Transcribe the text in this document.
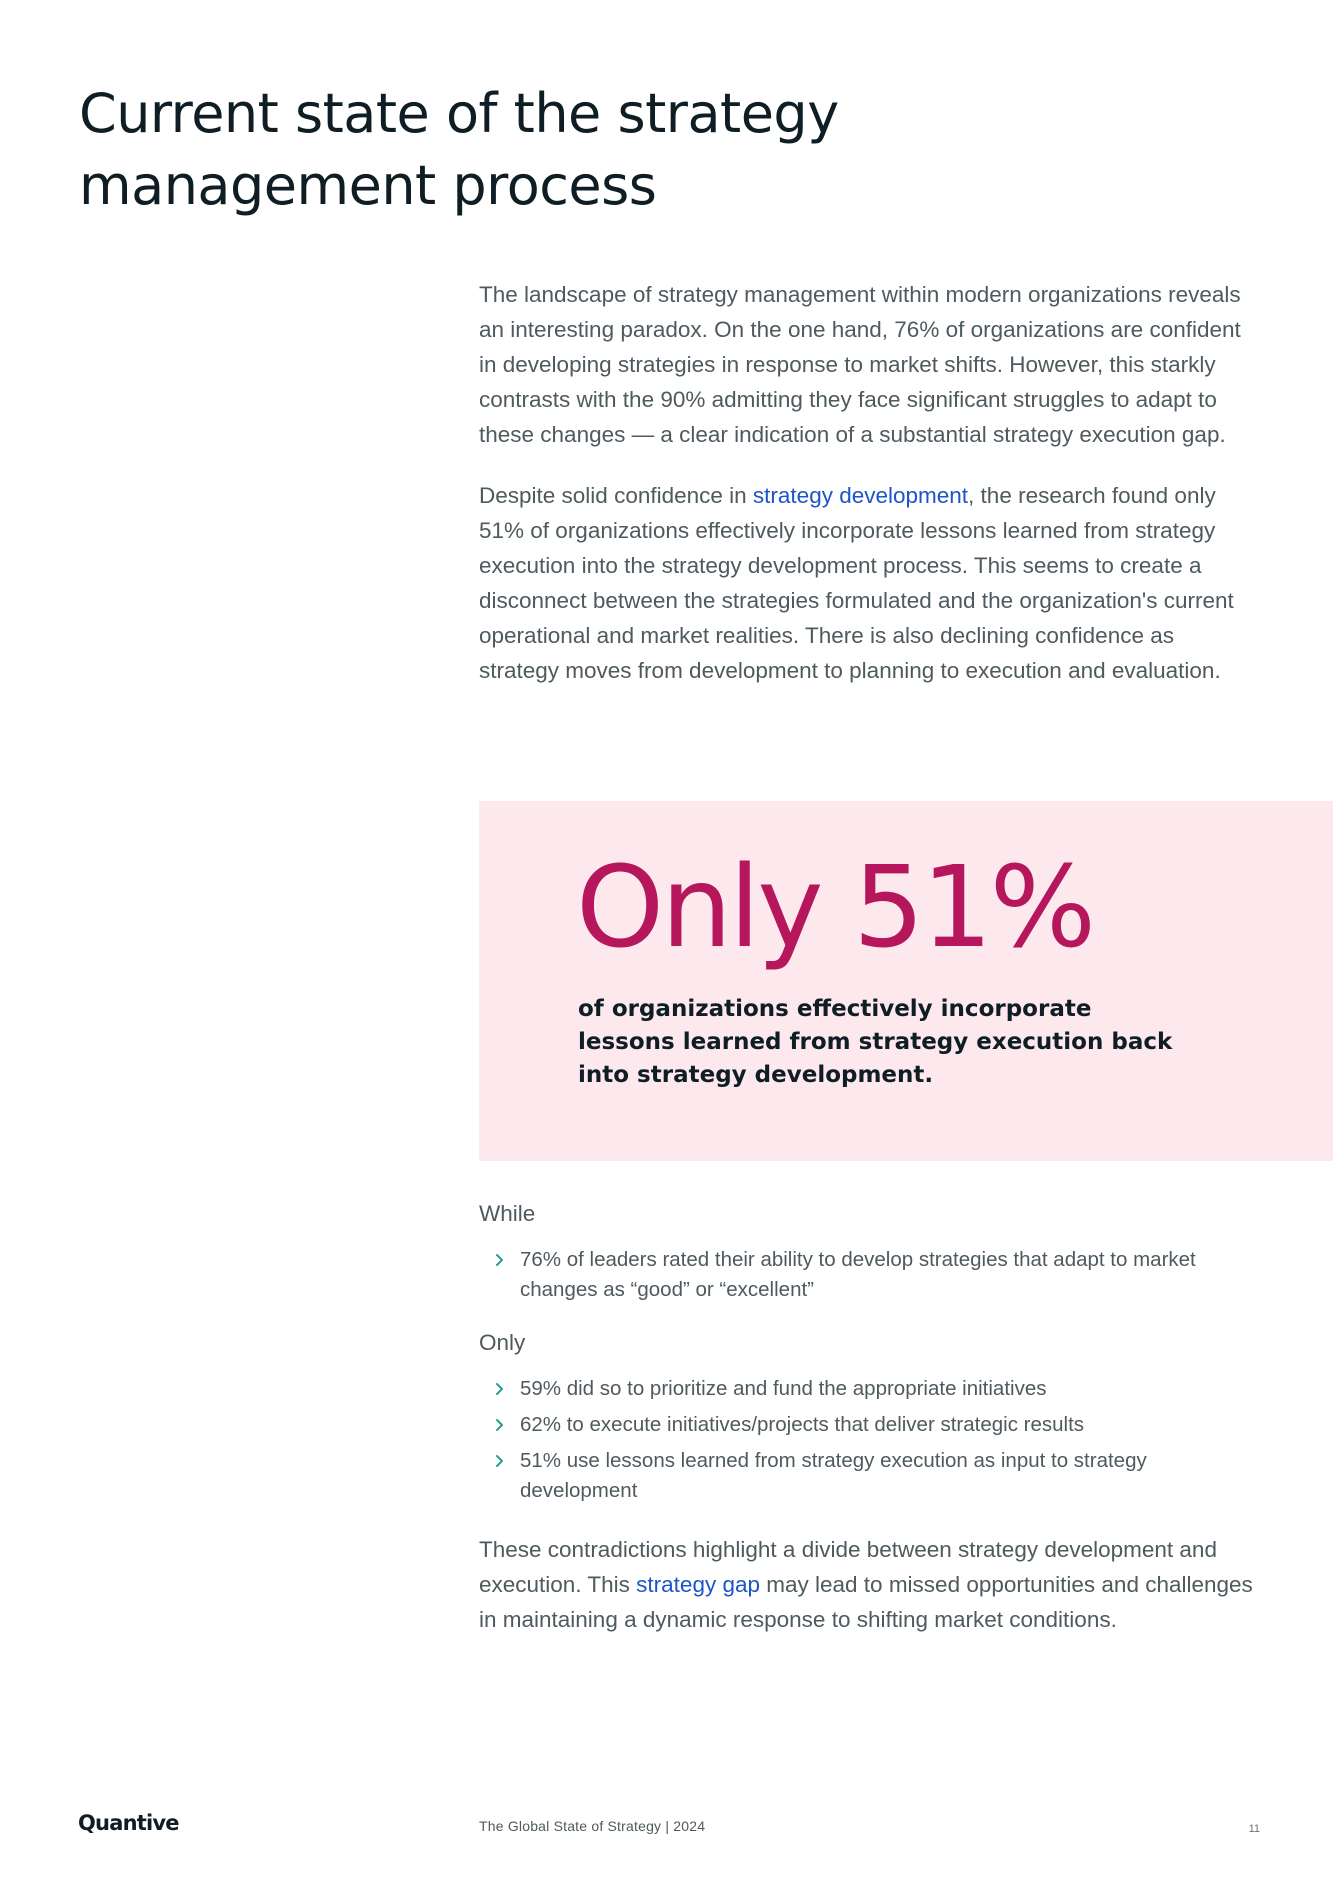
Current state of the strategy management process

The landscape of strategy management within modern organizations reveals an interesting paradox. On the one hand, 76% of organizations are confident in developing strategies in response to market shifts. However, this starkly contrasts with the 90% admitting they face significant struggles to adapt to these changes — a clear indication of a substantial strategy execution gap.

Despite solid confidence in strategy development, the research found only 51% of organizations effectively incorporate lessons learned from strategy execution into the strategy development process. This seems to create a disconnect between the strategies formulated and the organization's current operational and market realities. There is also declining confidence as strategy moves from development to planning to execution and evaluation.

Only 51%

of organizations effectively incorporate lessons learned from strategy execution back into strategy development.

While

76% of leaders rated their ability to develop strategies that adapt to market changes as “good” or “excellent”

Only

59% did so to prioritize and fund the appropriate initiatives
62% to execute initiatives/projects that deliver strategic results
51% use lessons learned from strategy execution as input to strategy development

These contradictions highlight a divide between strategy development and execution. This strategy gap may lead to missed opportunities and challenges in maintaining a dynamic response to shifting market conditions.

Quantive	The Global State of Strategy | 2024	11
